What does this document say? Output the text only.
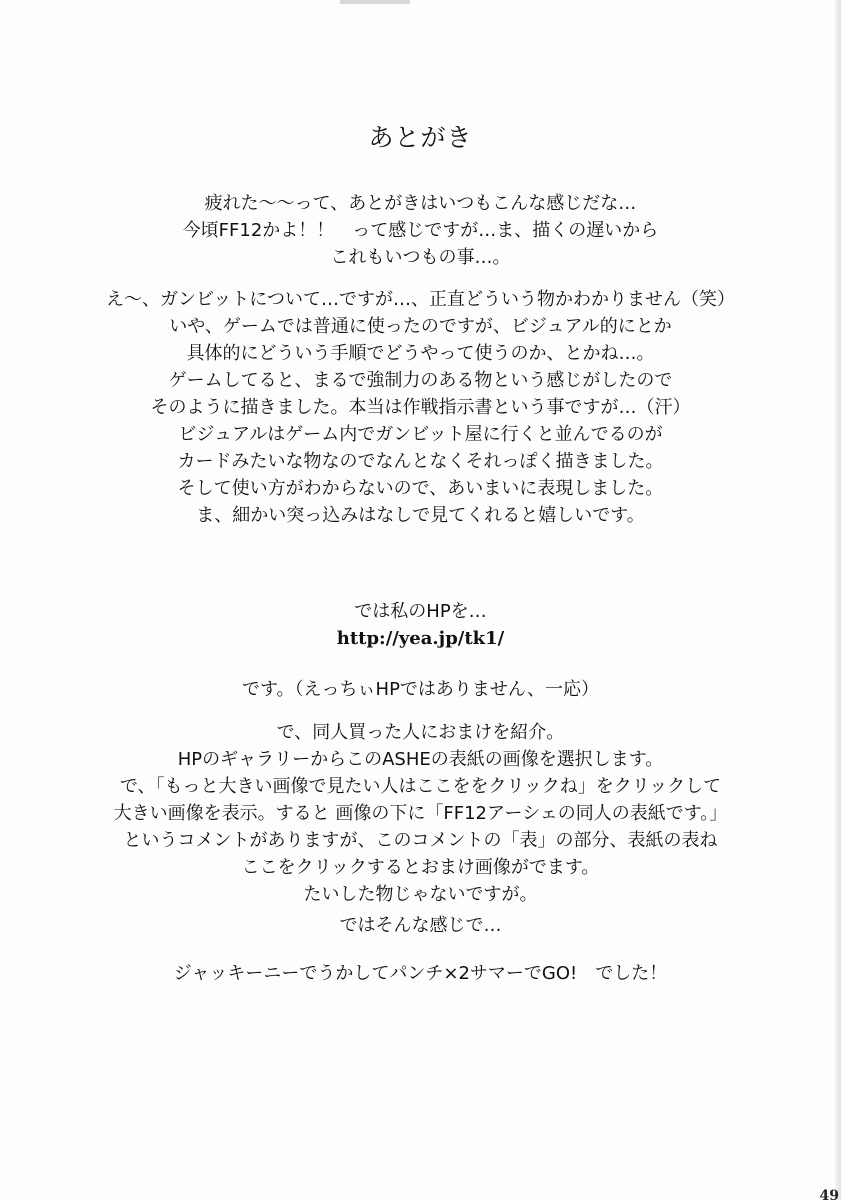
あとがき
疲れた〜〜って、あとがきはいつもこんな感じだな…
今頃FF12かよ！！　って感じですが…ま、描くの遅いから
これもいつもの事…。
え〜、ガンビットについて…ですが…、正直どういう物かわかりません（笑）
いや、ゲームでは普通に使ったのですが、ビジュアル的にとか
具体的にどういう手順でどうやって使うのか、とかね…。
ゲームしてると、まるで強制力のある物という感じがしたので
そのように描きました。本当は作戦指示書という事ですが…（汗）
ビジュアルはゲーム内でガンビット屋に行くと並んでるのが
カードみたいな物なのでなんとなくそれっぽく描きました。
そして使い方がわからないので、あいまいに表現しました。
ま、細かい突っ込みはなしで見てくれると嬉しいです。
では私のHPを…
http://yea.jp/tk1/
です。（えっちぃHPではありません、一応）
で、同人買った人におまけを紹介。
HPのギャラリーからこのASHEの表紙の画像を選択します。
で、「もっと大きい画像で見たい人はここををクリックね」をクリックして
大きい画像を表示。すると 画像の下に「FF12アーシェの同人の表紙です。」
というコメントがありますが、このコメントの「表」の部分、表紙の表ね
ここをクリックするとおまけ画像がでます。
たいした物じゃないですが。
ではそんな感じで…
ジャッキーニーでうかしてパンチ×2サマーでGO!　でした！
49
